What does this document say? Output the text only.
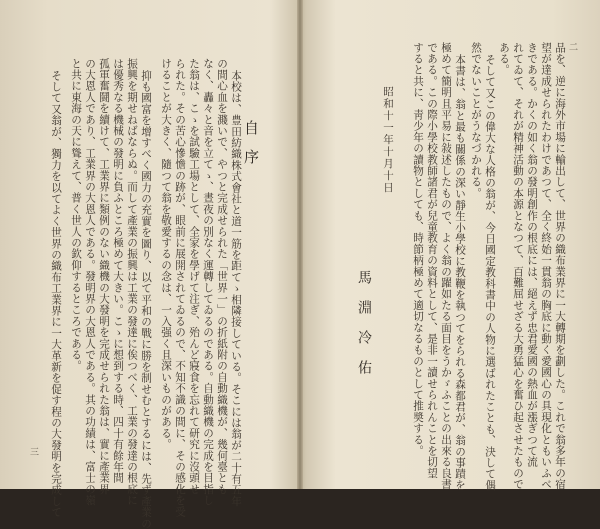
自序
本校は、豊田紡織株式會社と道一筋を距てゝ相隣接している。そこには翁が二十有五年
の間心血を濺いで、やつと完成せられた「世界一」の折紙附の自動織機が、幾何臺とも
なく、轟々と音を立てゝ、晝夜の別なく運轉してゐるのである。自動織機の完成を目指し
た翁は、こゝを試驗工場として、全家を學げて注ぎ、殆んど寢食を忘れて研究に沒頭せ
られた。その苦心慘憺の跡が、眼前に展開されてゐるので、不知不識の間に、その感化を受
けることが大きく、隨つて翁を敬愛するの念は、一入强く且深いものがある。
抑も國富を增すべく國力の充實を圖り、以て平和の戰に勝を制せむとするには、先ず產業の
振興を期せねばならぬ。而して產業の振興は工業の發達に俟つべく、工業の發達の根底に
は優秀なる機械の發明に負ふところ極めて大きい。こゝに想到する時、四十有餘年間
孤軍奮鬪を續けて、工業界に類例のない織機の大發明を完成せられた翁は、實に產業界
の大恩人であり、工業界の大恩人である。發明界の大恩人である。其の功績は、富士の嶺
と共に東海の天に聳えて、普く世人の欽仰するところである。
そして又翁が、獨力を以てよく世界の織布工業界に一大革新を促す程の大發明を完成して
三
二
品を、逆に海外市場に輸出して、世界の織布業界に一大轉期を劃した。これで翁多年の宿
望が達成せられたわけであつて、全く終始一貫翁の胸底に動く愛國心の具現化ともいふべ
きである。かくの如く翁の發明創作の根底には、絕えず忠君愛國の熱血が漲ぎつて流
れてゐて、それが精神活動の本源となつて、百難屈せざる大勇猛心を奮ひ起させたもので
ある。
そして又この偉大な人格の翁が、今日國定教科書中の人物に選ばれたことも、決して偶
然でないことがうなづかれる。
本書は、翁と最も關係の深い靜生小學校に教鞭を執つてをられる森都君が、翁の事蹟を
極めて簡明且平易に敍述したもので、よく翁の躍如たる面目をうかゞふことの出來る良書
である。この際小學校教師諸君が兒童教育の資料として、是非一讀せられんことを切望
すると共に、靑少年の讀物としても、時節柄極めて適切なるものとして推奬する。
昭和十一年十月十日
馬淵冷佑
